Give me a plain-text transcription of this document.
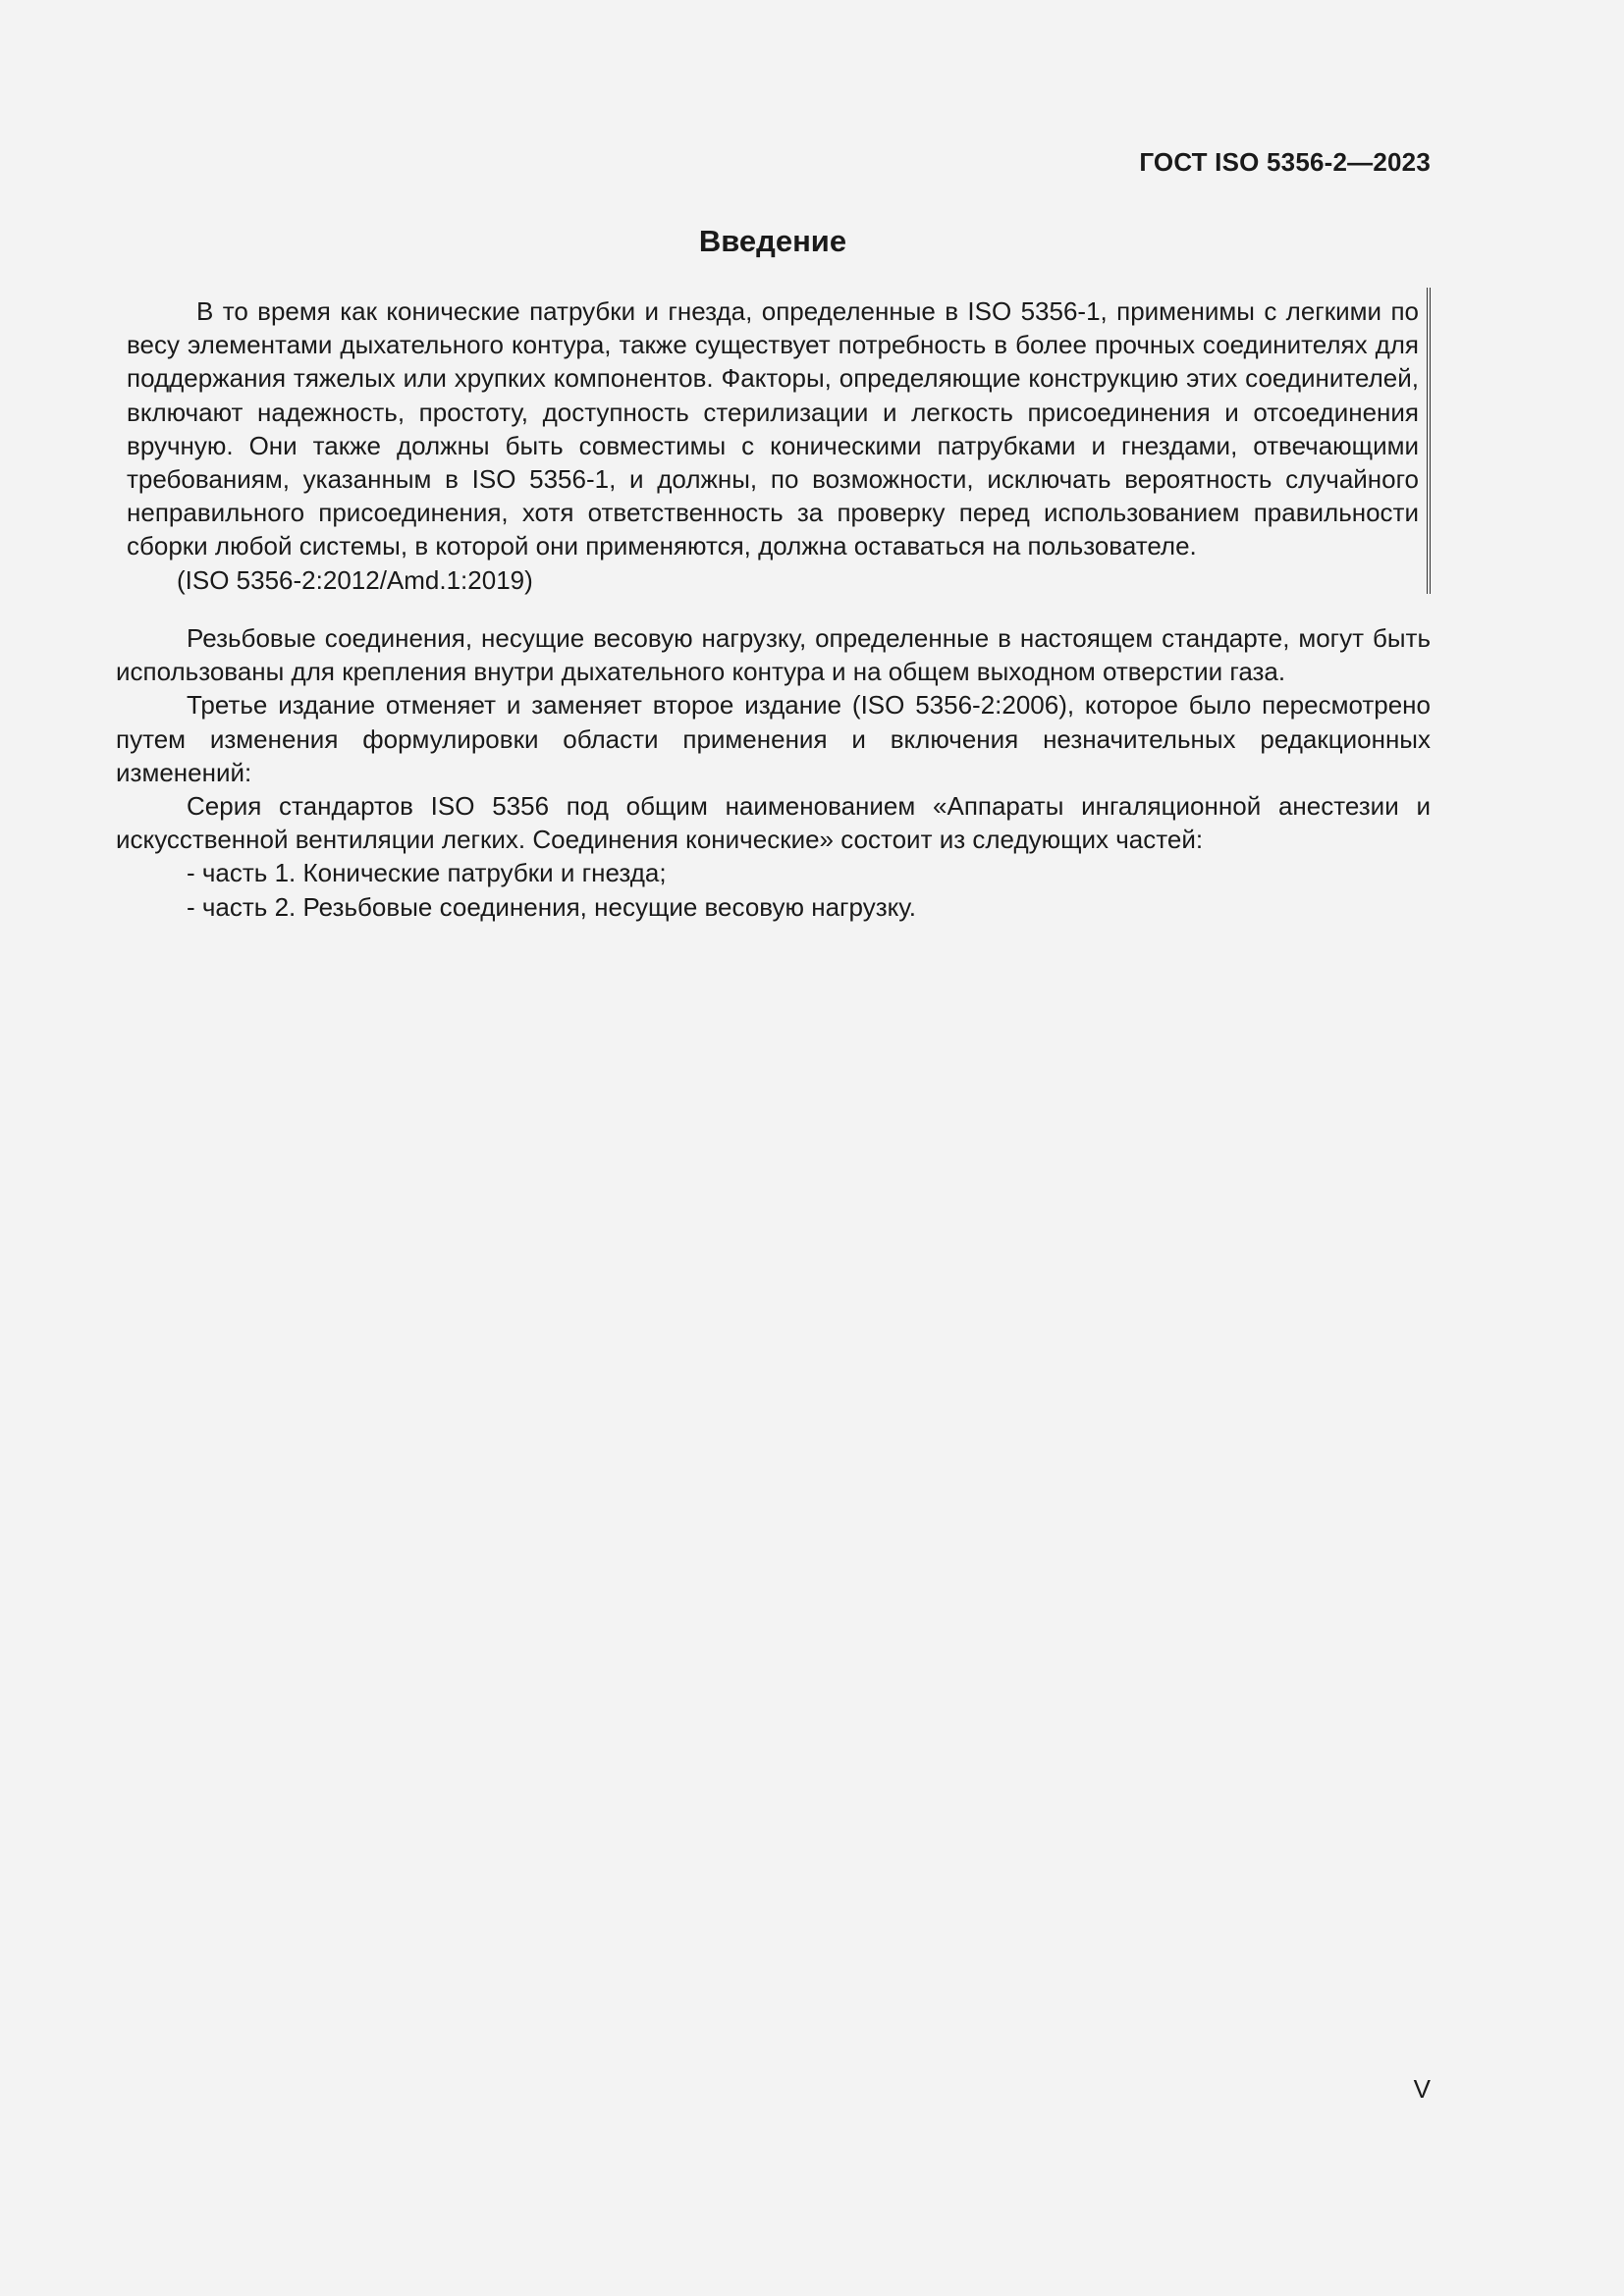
ГОСТ ISO 5356-2—2023
Введение

В то время как конические патрубки и гнезда, определенные в ISO 5356-1, применимы с легкими по весу элементами дыхательного контура, также существует потребность в более прочных соединителях для поддержания тяжелых или хрупких компонентов. Факторы, определяющие конструкцию этих соединителей, включают надежность, простоту, доступность стерилизации и легкость присоединения и отсоединения вручную. Они также должны быть совместимы с коническими патрубками и гнездами, отвечающими требованиям, указанным в ISO 5356-1, и должны, по возможности, исключать вероятность случайного неправильного присоединения, хотя ответственность за проверку перед использованием правильности сборки любой системы, в которой они применяются, должна оставаться на пользователе.

(ISO 5356-2:2012/Amd.1:2019)

Резьбовые соединения, несущие весовую нагрузку, определенные в настоящем стандарте, могут быть использованы для крепления внутри дыхательного контура и на общем выходном отверстии газа.

Третье издание отменяет и заменяет второе издание (ISO 5356-2:2006), которое было пересмотрено путем изменения формулировки области применения и включения незначительных редакционных изменений:

Серия стандартов ISO 5356 под общим наименованием «Аппараты ингаляционной анестезии и искусственной вентиляции легких. Соединения конические» состоит из следующих частей:

- часть 1. Конические патрубки и гнезда;

- часть 2. Резьбовые соединения, несущие весовую нагрузку.

V
